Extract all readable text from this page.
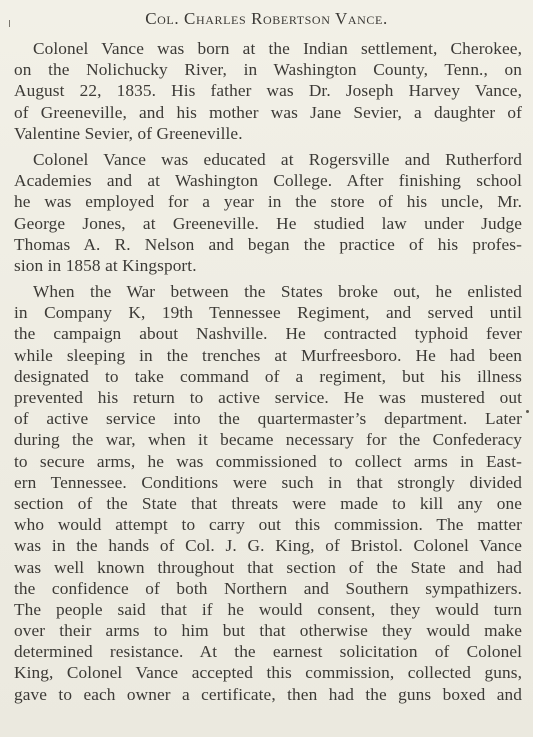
Col. Charles Robertson Vance.
Colonel Vance was born at the Indian settlement, Cherokee,
on the Nolichucky River, in Washington County, Tenn., on
August 22, 1835. His father was Dr. Joseph Harvey Vance,
of Greeneville, and his mother was Jane Sevier, a daughter of
Valentine Sevier, of Greeneville.
Colonel Vance was educated at Rogersville and Rutherford
Academies and at Washington College. After finishing school
he was employed for a year in the store of his uncle, Mr.
George Jones, at Greeneville. He studied law under Judge
Thomas A. R. Nelson and began the practice of his profes-
sion in 1858 at Kingsport.
When the War between the States broke out, he enlisted
in Company K, 19th Tennessee Regiment, and served until
the campaign about Nashville. He contracted typhoid fever
while sleeping in the trenches at Murfreesboro. He had been
designated to take command of a regiment, but his illness
prevented his return to active service. He was mustered out
of active service into the quartermaster’s department. Later
during the war, when it became necessary for the Confederacy
to secure arms, he was commissioned to collect arms in East-
ern Tennessee. Conditions were such in that strongly divided
section of the State that threats were made to kill any one
who would attempt to carry out this commission. The matter
was in the hands of Col. J. G. King, of Bristol. Colonel Vance
was well known throughout that section of the State and had
the confidence of both Northern and Southern sympathizers.
The people said that if he would consent, they would turn
over their arms to him but that otherwise they would make
determined resistance. At the earnest solicitation of Colonel
King, Colonel Vance accepted this commission, collected guns,
gave to each owner a certificate, then had the guns boxed and
